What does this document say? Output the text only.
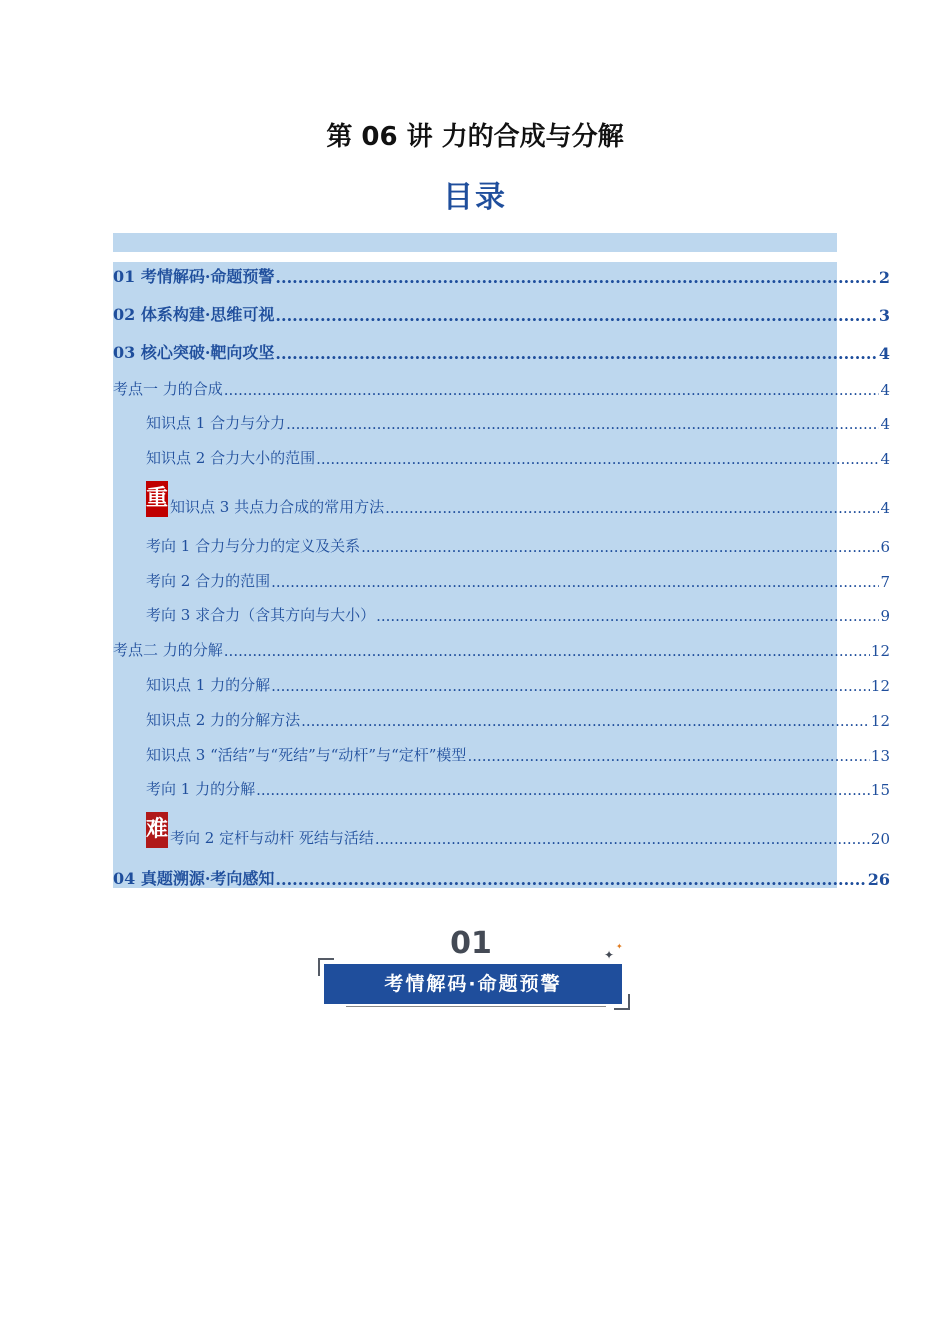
第 06 讲 力的合成与分解
目录
01 考情解码·命题预警 .....	2
02 体系构建·思维可视 .....	3
03 核心突破·靶向攻坚 .....	4
考点一 力的合成 .....	4
知识点 1 合力与分力 .....	4
知识点 2 合力大小的范围 .....	4
重 知识点 3 共点力合成的常用方法 .....	4
考向 1 合力与分力的定义及关系 .....	6
考向 2 合力的范围 .....	7
考向 3 求合力（含其方向与大小） .....	9
考点二 力的分解 .....	12
知识点 1 力的分解 .....	12
知识点 2 力的分解方法 .....	12
知识点 3 “活结”与“死结”与“动杆”与“定杆”模型 .....	13
考向 1 力的分解 .....	15
难 考向 2 定杆与动杆 死结与活结 .....	20
04 真题溯源·考向感知 .....	26
01	✦
✦
考情解码·命题预警
